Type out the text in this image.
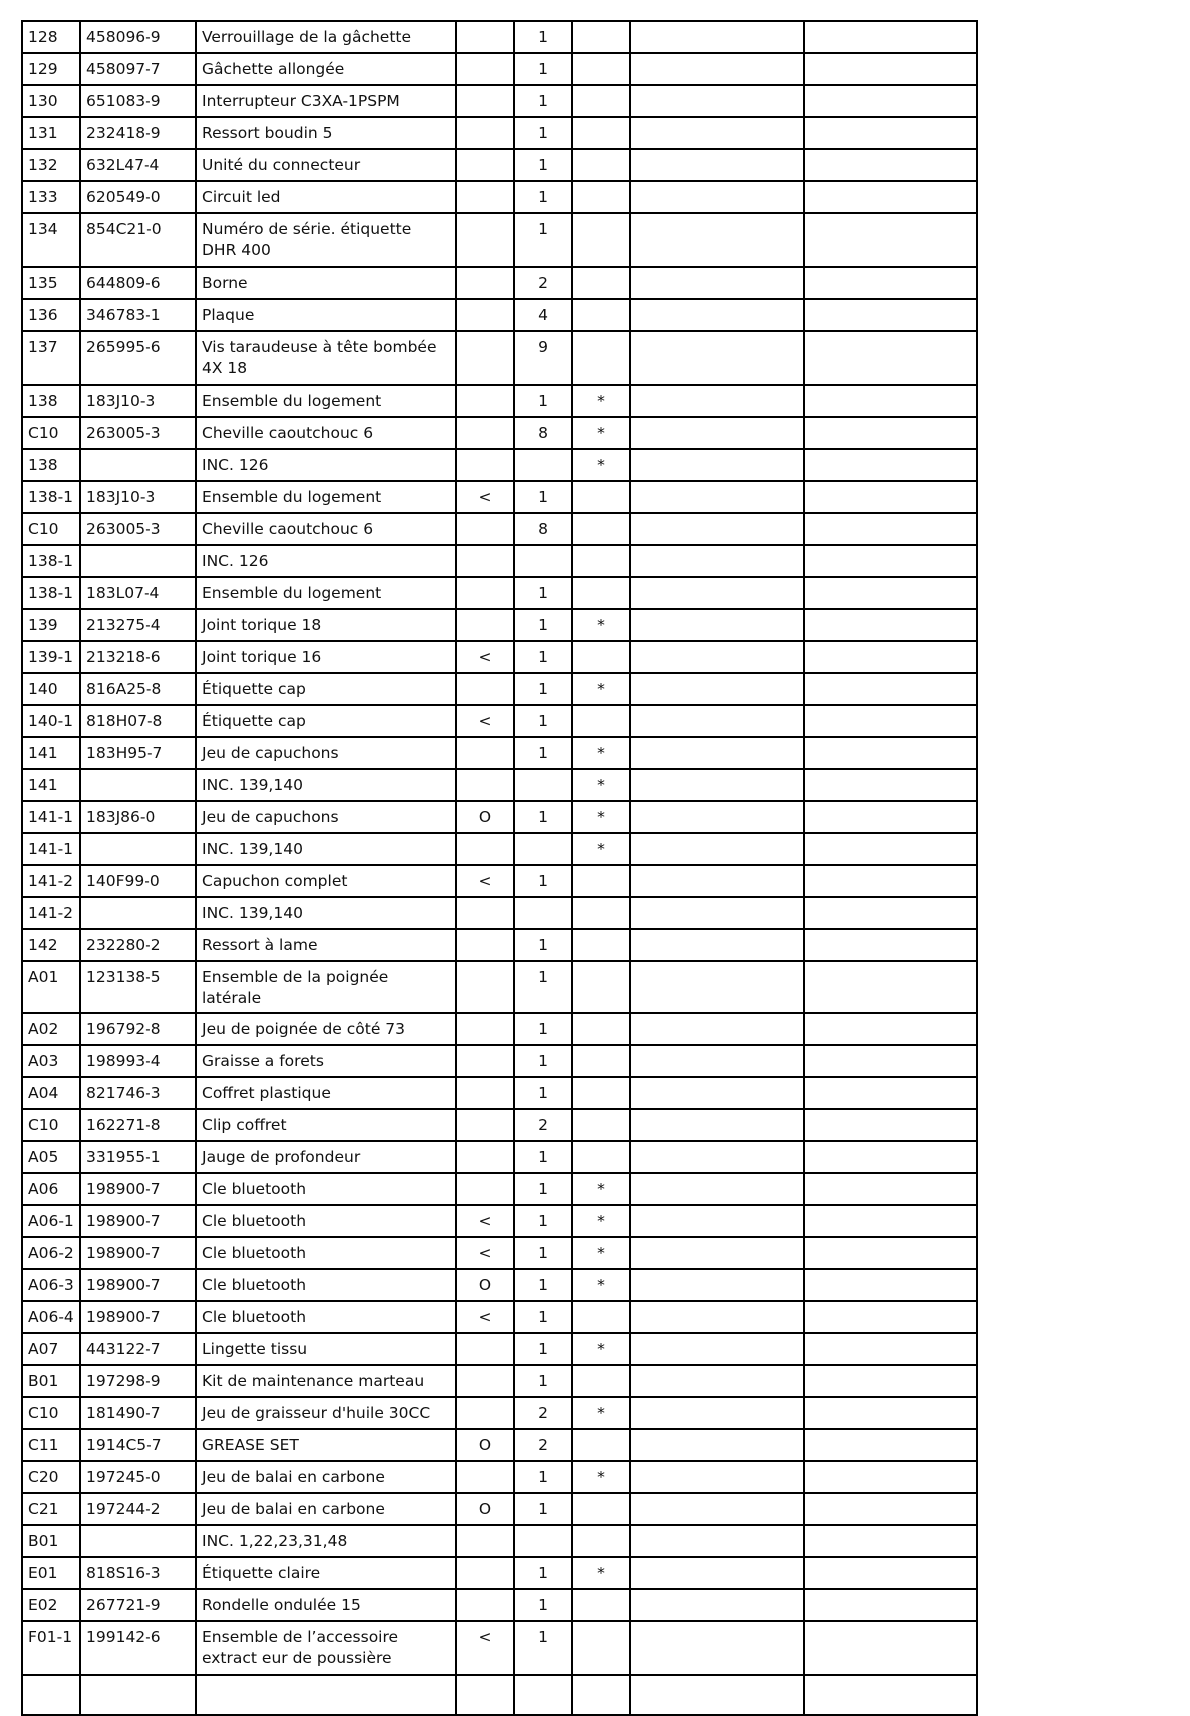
128	458096-9	Verrouillage de la gâchette		1			
129	458097-7	Gâchette allongée		1			
130	651083-9	Interrupteur C3XA-1PSPM		1			
131	232418-9	Ressort boudin 5		1			
132	632L47-4	Unité du connecteur		1			
133	620549-0	Circuit led		1			
134	854C21-0	Numéro de série. étiquette DHR 400		1			
135	644809-6	Borne		2			
136	346783-1	Plaque		4			
137	265995-6	Vis taraudeuse à tête bombée 4X 18		9			
138	183J10-3	Ensemble du logement		1	*		
C10	263005-3	Cheville caoutchouc 6		8	*		
138		INC. 126			*		
138-1	183J10-3	Ensemble du logement	<	1			
C10	263005-3	Cheville caoutchouc 6		8			
138-1		INC. 126					
138-1	183L07-4	Ensemble du logement		1			
139	213275-4	Joint torique 18		1	*		
139-1	213218-6	Joint torique 16	<	1			
140	816A25-8	Étiquette cap		1	*		
140-1	818H07-8	Étiquette cap	<	1			
141	183H95-7	Jeu de capuchons		1	*		
141		INC. 139,140			*		
141-1	183J86-0	Jeu de capuchons	O	1	*		
141-1		INC. 139,140			*		
141-2	140F99-0	Capuchon complet	<	1			
141-2		INC. 139,140					
142	232280-2	Ressort à lame		1			
A01	123138-5	Ensemble de la poignée latérale		1			
A02	196792-8	Jeu de poignée de côté 73		1			
A03	198993-4	Graisse a forets		1			
A04	821746-3	Coffret plastique		1			
C10	162271-8	Clip coffret		2			
A05	331955-1	Jauge de profondeur		1			
A06	198900-7	Cle bluetooth		1	*		
A06-1	198900-7	Cle bluetooth	<	1	*		
A06-2	198900-7	Cle bluetooth	<	1	*		
A06-3	198900-7	Cle bluetooth	O	1	*		
A06-4	198900-7	Cle bluetooth	<	1			
A07	443122-7	Lingette tissu		1	*		
B01	197298-9	Kit de maintenance marteau		1			
C10	181490-7	Jeu de graisseur d'huile 30CC		2	*		
C11	1914C5-7	GREASE SET	O	2			
C20	197245-0	Jeu de balai en carbone		1	*		
C21	197244-2	Jeu de balai en carbone	O	1			
B01		INC. 1,22,23,31,48					
E01	818S16-3	Étiquette claire		1	*		
E02	267721-9	Rondelle ondulée 15		1			
F01-1	199142-6	Ensemble de l’accessoire extract eur de poussière	<	1			
